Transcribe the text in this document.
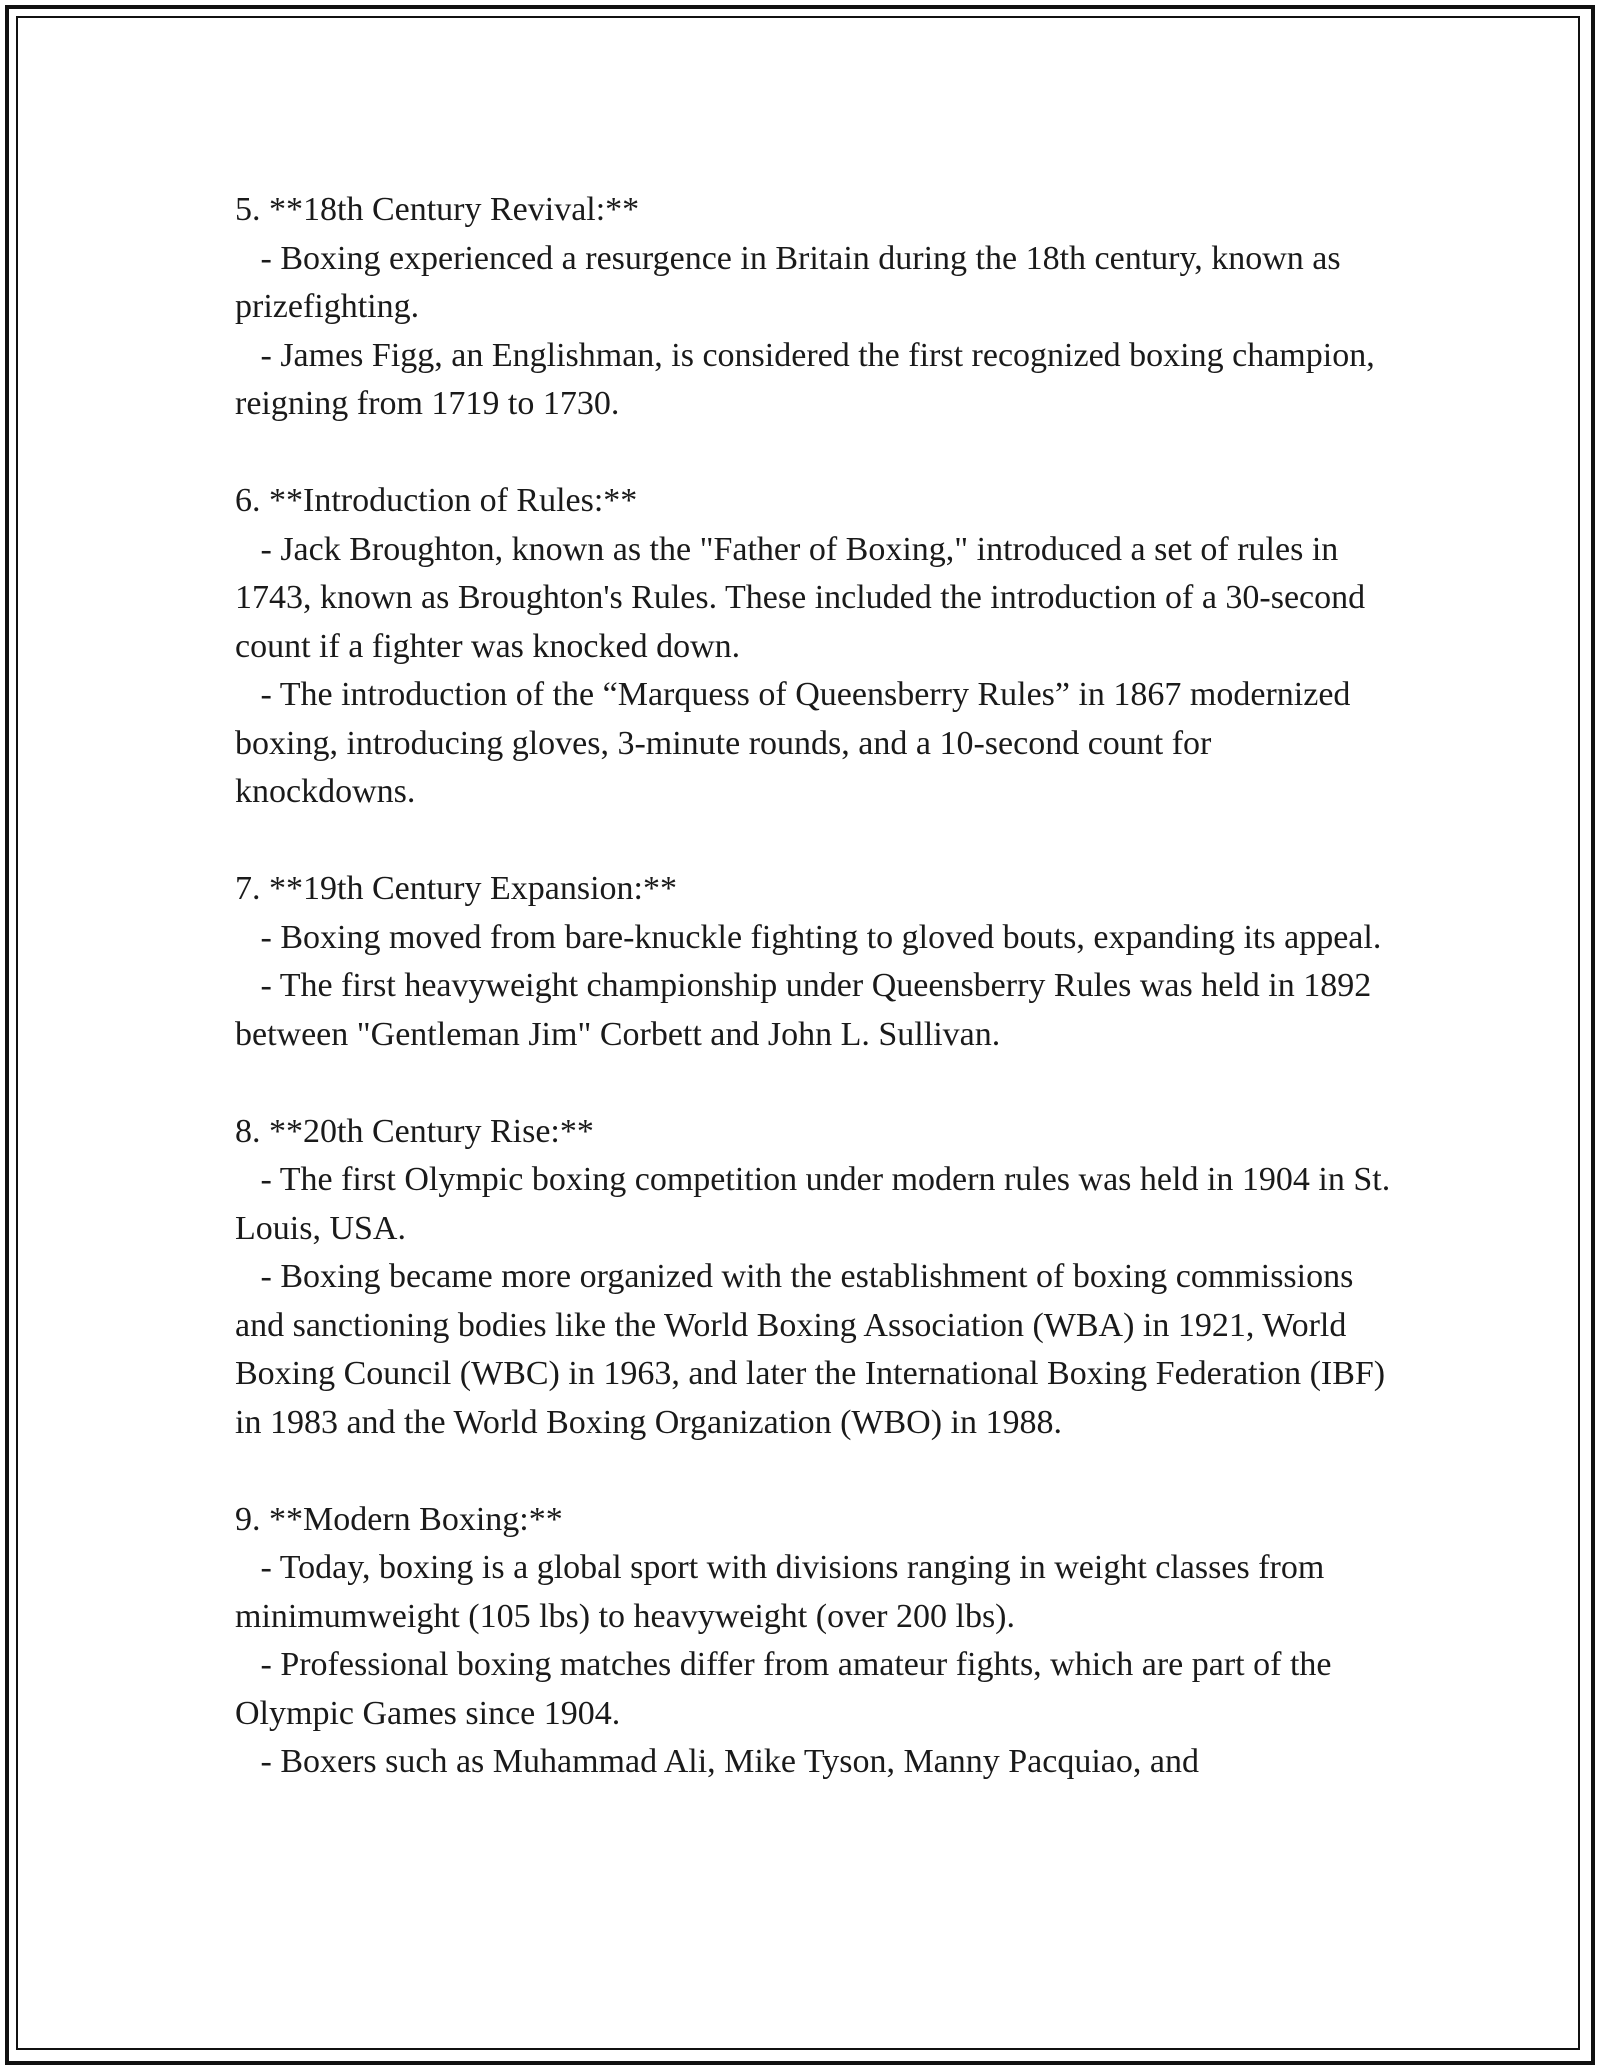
5. **18th Century Revival:**

- Boxing experienced a resurgence in Britain during the 18th century, known as prizefighting.
- James Figg, an Englishman, is considered the first recognized boxing champion, reigning from 1719 to 1730.

6. **Introduction of Rules:**

- Jack Broughton, known as the "Father of Boxing," introduced a set of rules in 1743, known as Broughton's Rules. These included the introduction of a 30-second count if a fighter was knocked down.
- The introduction of the “Marquess of Queensberry Rules” in 1867 modernized boxing, introducing gloves, 3-minute rounds, and a 10-second count for knockdowns.

7. **19th Century Expansion:**

- Boxing moved from bare-knuckle fighting to gloved bouts, expanding its appeal.
- The first heavyweight championship under Queensberry Rules was held in 1892 between "Gentleman Jim" Corbett and John L. Sullivan.

8. **20th Century Rise:**

- The first Olympic boxing competition under modern rules was held in 1904 in St. Louis, USA.
- Boxing became more organized with the establishment of boxing commissions and sanctioning bodies like the World Boxing Association (WBA) in 1921, World Boxing Council (WBC) in 1963, and later the International Boxing Federation (IBF) in 1983 and the World Boxing Organization (WBO) in 1988.

9. **Modern Boxing:**

- Today, boxing is a global sport with divisions ranging in weight classes from minimumweight (105 lbs) to heavyweight (over 200 lbs).
- Professional boxing matches differ from amateur fights, which are part of the Olympic Games since 1904.
- Boxers such as Muhammad Ali, Mike Tyson, Manny Pacquiao, and
